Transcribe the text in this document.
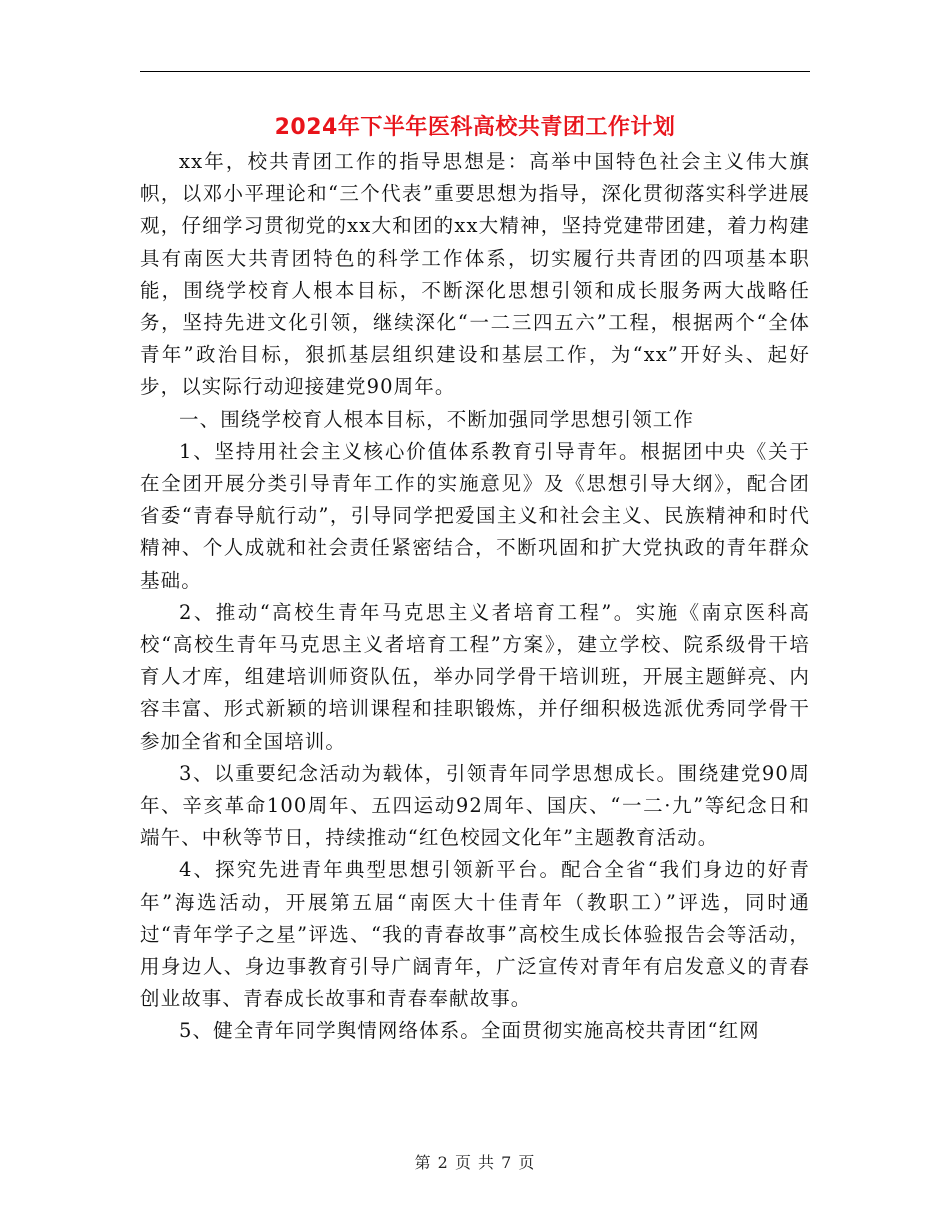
2024年下半年医科高校共青团工作计划

xx年，校共青团工作的指导思想是：高举中国特色社会主义伟大旗帜，以邓小平理论和“三个代表”重要思想为指导，深化贯彻落实科学进展观，仔细学习贯彻党的xx大和团的xx大精神，坚持党建带团建，着力构建具有南医大共青团特色的科学工作体系，切实履行共青团的四项基本职能，围绕学校育人根本目标，不断深化思想引领和成长服务两大战略任务，坚持先进文化引领，继续深化“一二三四五六”工程，根据两个“全体青年”政治目标，狠抓基层组织建设和基层工作，为“xx”开好头、起好步，以实际行动迎接建党90周年。

一、围绕学校育人根本目标，不断加强同学思想引领工作

1、坚持用社会主义核心价值体系教育引导青年。根据团中央《关于在全团开展分类引导青年工作的实施意见》及《思想引导大纲》，配合团省委“青春导航行动”，引导同学把爱国主义和社会主义、民族精神和时代精神、个人成就和社会责任紧密结合，不断巩固和扩大党执政的青年群众基础。

2、推动“高校生青年马克思主义者培育工程”。实施《南京医科高校“高校生青年马克思主义者培育工程”方案》，建立学校、院系级骨干培育人才库，组建培训师资队伍，举办同学骨干培训班，开展主题鲜亮、内容丰富、形式新颖的培训课程和挂职锻炼，并仔细积极选派优秀同学骨干参加全省和全国培训。

3、以重要纪念活动为载体，引领青年同学思想成长。围绕建党90周年、辛亥革命100周年、五四运动92周年、国庆、“一二·九”等纪念日和端午、中秋等节日，持续推动“红色校园文化年”主题教育活动。

4、探究先进青年典型思想引领新平台。配合全省“我们身边的好青年”海选活动，开展第五届“南医大十佳青年（教职工）”评选，同时通过“青年学子之星”评选、“我的青春故事”高校生成长体验报告会等活动，用身边人、身边事教育引导广阔青年，广泛宣传对青年有启发意义的青春创业故事、青春成长故事和青春奉献故事。

5、健全青年同学舆情网络体系。全面贯彻实施高校共青团“红网

第 2 页 共 7 页
